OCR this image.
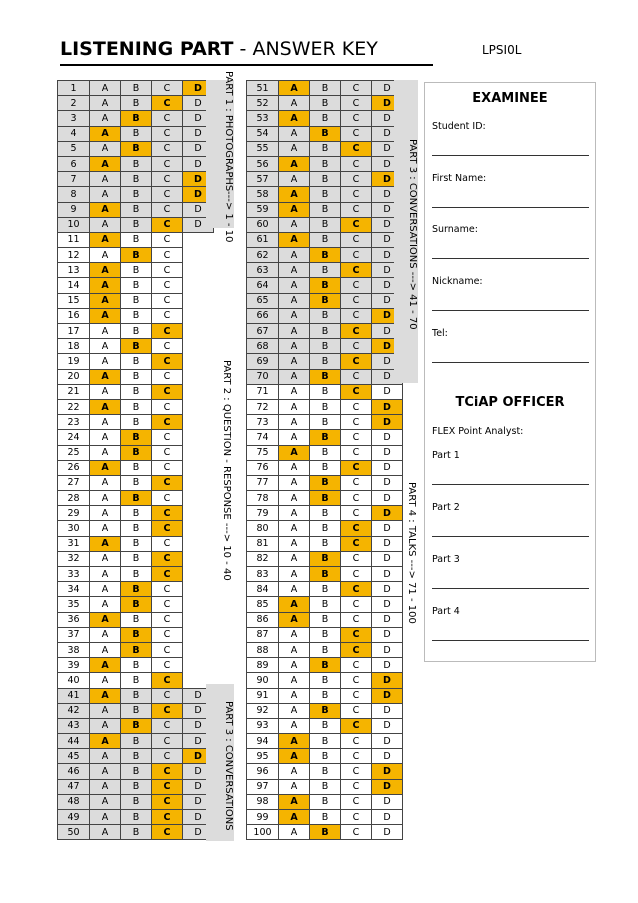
LISTENING PART - ANSWER KEY	LPSI0L
1	A	B	C	D
2	A	B	C	D
3	A	B	C	D
4	A	B	C	D
5	A	B	C	D
6	A	B	C	D
7	A	B	C	D
8	A	B	C	D
9	A	B	C	D
10	A	B	C	D
11	A	B	C	
12	A	B	C	
13	A	B	C	
14	A	B	C	
15	A	B	C	
16	A	B	C	
17	A	B	C	
18	A	B	C	
19	A	B	C	
20	A	B	C	
21	A	B	C	
22	A	B	C	
23	A	B	C	
24	A	B	C	
25	A	B	C	
26	A	B	C	
27	A	B	C	
28	A	B	C	
29	A	B	C	
30	A	B	C	
31	A	B	C	
32	A	B	C	
33	A	B	C	
34	A	B	C	
35	A	B	C	
36	A	B	C	
37	A	B	C	
38	A	B	C	
39	A	B	C	
40	A	B	C	
41	A	B	C	D
42	A	B	C	D
43	A	B	C	D
44	A	B	C	D
45	A	B	C	D
46	A	B	C	D
47	A	B	C	D
48	A	B	C	D
49	A	B	C	D
50	A	B	C	D
51	A	B	C	D
52	A	B	C	D
53	A	B	C	D
54	A	B	C	D
55	A	B	C	D
56	A	B	C	D
57	A	B	C	D
58	A	B	C	D
59	A	B	C	D
60	A	B	C	D
61	A	B	C	D
62	A	B	C	D
63	A	B	C	D
64	A	B	C	D
65	A	B	C	D
66	A	B	C	D
67	A	B	C	D
68	A	B	C	D
69	A	B	C	D
70	A	B	C	D
71	A	B	C	D
72	A	B	C	D
73	A	B	C	D
74	A	B	C	D
75	A	B	C	D
76	A	B	C	D
77	A	B	C	D
78	A	B	C	D
79	A	B	C	D
80	A	B	C	D
81	A	B	C	D
82	A	B	C	D
83	A	B	C	D
84	A	B	C	D
85	A	B	C	D
86	A	B	C	D
87	A	B	C	D
88	A	B	C	D
89	A	B	C	D
90	A	B	C	D
91	A	B	C	D
92	A	B	C	D
93	A	B	C	D
94	A	B	C	D
95	A	B	C	D
96	A	B	C	D
97	A	B	C	D
98	A	B	C	D
99	A	B	C	D
100	A	B	C	D
PART 1 : PHOTOGRAPHS
---> 1 - 10
PART 2 : QUESTION - RESPONSE ---> 10 - 40
PART 3 : CONVERSATIONS
PART 3 : CONVERSATIONS ---> 41 - 70
PART 4 : TALKS ---> 71 - 100
EXAMINEE
Student ID:
First Name:
Surname:
Nickname:
Tel:
TCiAP OFFICER
FLEX Point Analyst:
Part 1
Part 2
Part 3
Part 4
